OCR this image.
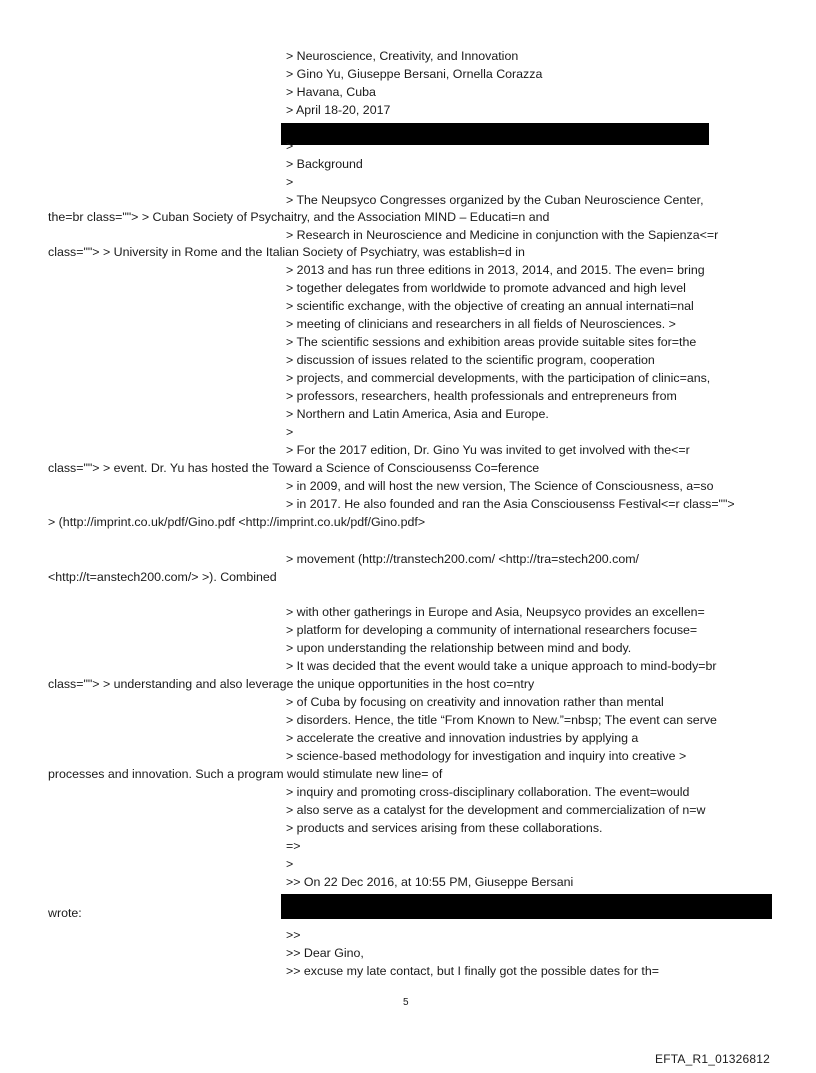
> Neuroscience, Creativity, and Innovation
> Gino Yu, Giuseppe Bersani, Ornella Corazza
> Havana, Cuba
> April 18-20, 2017
>
> Background
>
> The Neupsyco Congresses organized by the Cuban Neuroscience Center,
the=br class=""> > Cuban Society of Psychaitry, and the Association MIND – Educati=n and
> Research in Neuroscience and Medicine in conjunction with the Sapienza<=r
class=""> > University in Rome and the Italian Society of Psychiatry, was establish=d in
> 2013 and has run three editions in 2013, 2014, and 2015. The even= bring
> together delegates from worldwide to promote advanced and high level
> scientific exchange, with the objective of creating an annual internati=nal
> meeting of clinicians and researchers in all fields of Neurosciences. >
> The scientific sessions and exhibition areas provide suitable sites for=the
> discussion of issues related to the scientific program, cooperation
> projects, and commercial developments, with the participation of clinic=ans,
> professors, researchers, health professionals and entrepreneurs from
> Northern and Latin America, Asia and Europe.
>
> For the 2017 edition, Dr. Gino Yu was invited to get involved with the<=r
class=""> > event. Dr. Yu has hosted the Toward a Science of Consciousenss Co=ference
> in 2009, and will host the new version, The Science of Consciousness, a=so
> in 2017. He also founded and ran the Asia Consciousenss Festival<=r class="">
> (http://imprint.co.uk/pdf/Gino.pdf <http://imprint.co.uk/pdf/Gino.pdf>
> movement (http://transtech200.com/ <http://tra=stech200.com/
<http://t=anstech200.com/> >). Combined
> with other gatherings in Europe and Asia, Neupsyco provides an excellen=
> platform for developing a community of international researchers focuse=
> upon understanding the relationship between mind and body.
> It was decided that the event would take a unique approach to mind-body=br
class=""> > understanding and also leverage the unique opportunities in the host co=ntry
> of Cuba by focusing on creativity and innovation rather than mental
> disorders. Hence, the title “From Known to New.”=nbsp; The event can serve
> accelerate the creative and innovation industries by applying a
> science-based methodology for investigation and inquiry into creative >
processes and innovation. Such a program would stimulate new line= of
> inquiry and promoting cross-disciplinary collaboration. The event=would
> also serve as a catalyst for the development and commercialization of n=w
> products and services arising from these collaborations.
=>
>
>> On 22 Dec 2016, at 10:55 PM, Giuseppe Bersani
wrote:
>>
>> Dear Gino,
>> excuse my late contact, but I finally got the possible dates for th=
5
EFTA_R1_01326812
